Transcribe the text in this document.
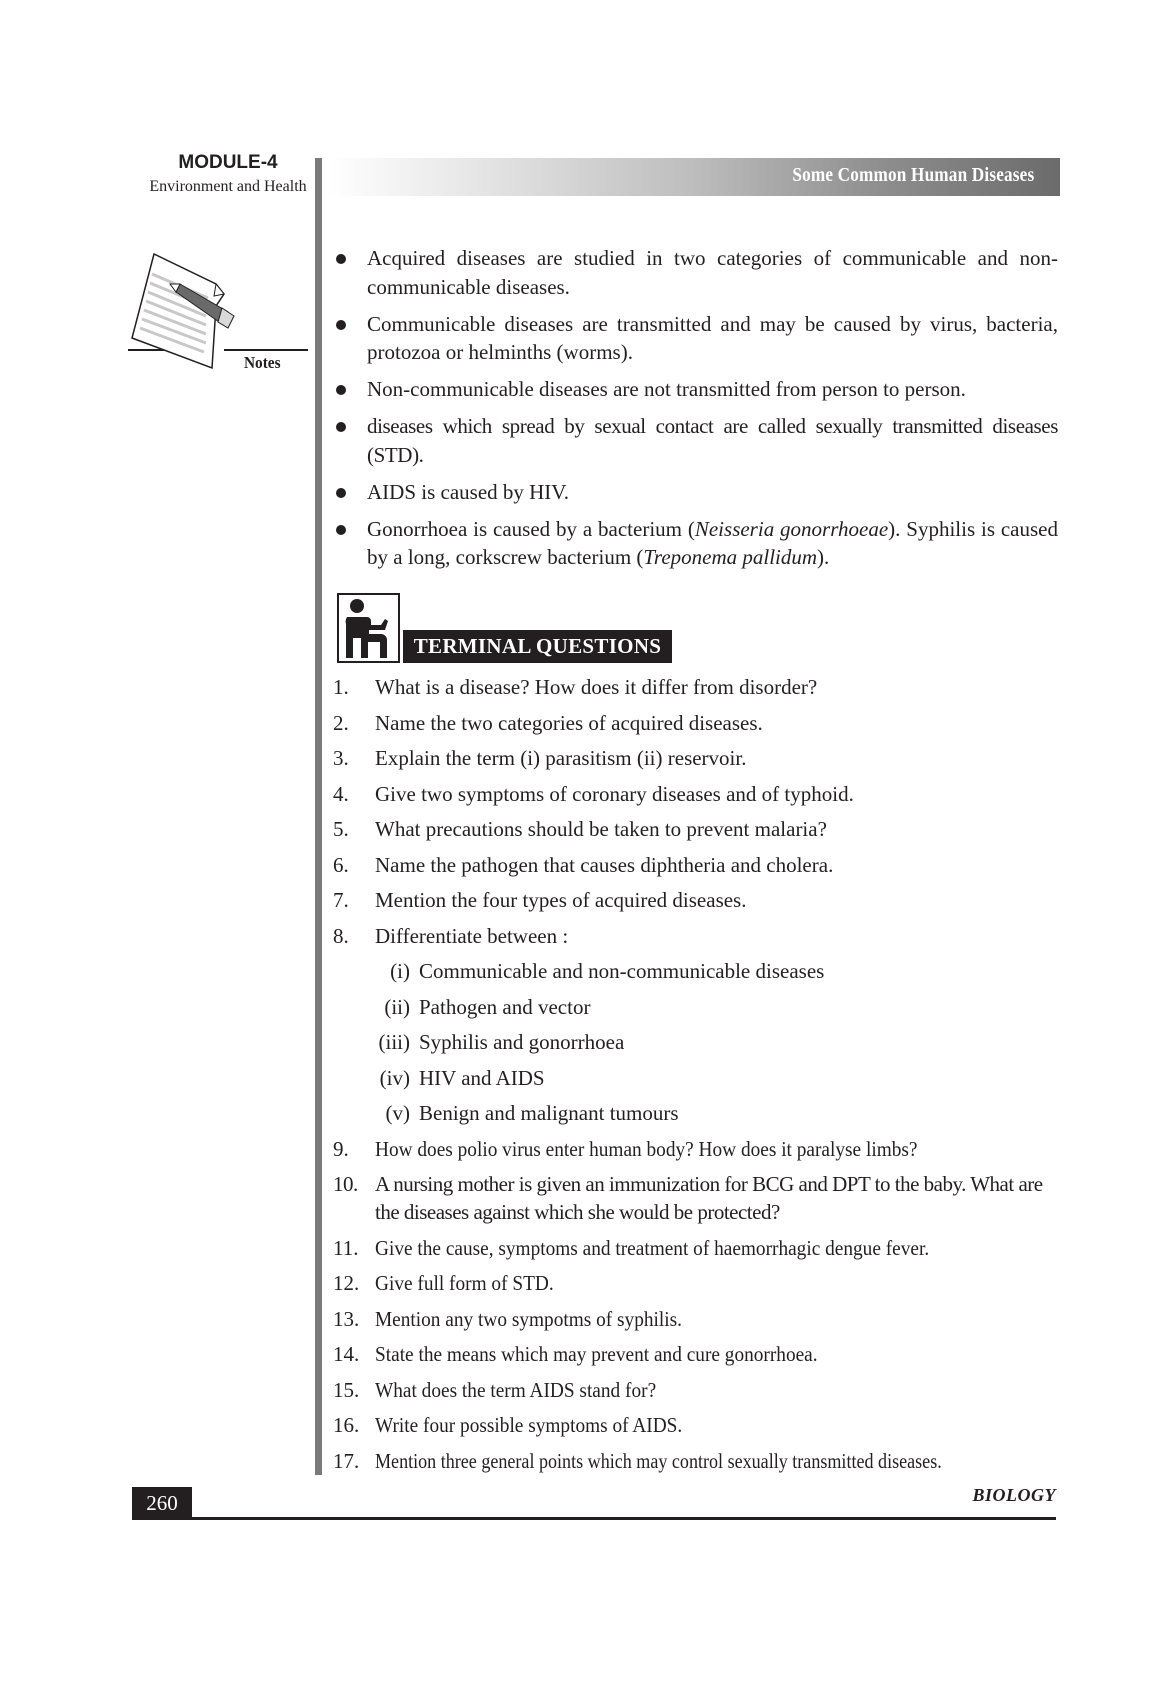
MODULE-4
Environment and Health
Notes
Some Common Human Diseases
Acquired diseases are studied in two categories of communicable and non-communicable diseases.
Communicable diseases are transmitted and may be caused by virus, bacteria, protozoa or helminths (worms).
Non-communicable diseases are not transmitted from person to person.
diseases which spread by sexual contact are called sexually transmitted diseases (STD).
AIDS is caused by HIV.
Gonorrhoea is caused by a bacterium (Neisseria gonorrhoeae). Syphilis is caused by a long, corkscrew bacterium (Treponema pallidum).
TERMINAL QUESTIONS
1. What is a disease? How does it differ from disorder?
2. Name the two categories of acquired diseases.
3. Explain the term (i) parasitism (ii) reservoir.
4. Give two symptoms of coronary diseases and of typhoid.
5. What precautions should be taken to prevent malaria?
6. Name the pathogen that causes diphtheria and cholera.
7. Mention the four types of acquired diseases.
8. Differentiate between :
(i) Communicable and non-communicable diseases
(ii) Pathogen and vector
(iii) Syphilis and gonorrhoea
(iv) HIV and AIDS
(v) Benign and malignant tumours
9. How does polio virus enter human body? How does it paralyse limbs?
10. A nursing mother is given an immunization for BCG and DPT to the baby. What are the diseases against which she would be protected?
11. Give the cause, symptoms and treatment of haemorrhagic dengue fever.
12. Give full form of STD.
13. Mention any two sympotms of syphilis.
14. State the means which may prevent and cure gonorrhoea.
15. What does the term AIDS stand for?
16. Write four possible symptoms of AIDS.
17. Mention three general points which may control sexually transmitted diseases.
260	BIOLOGY
